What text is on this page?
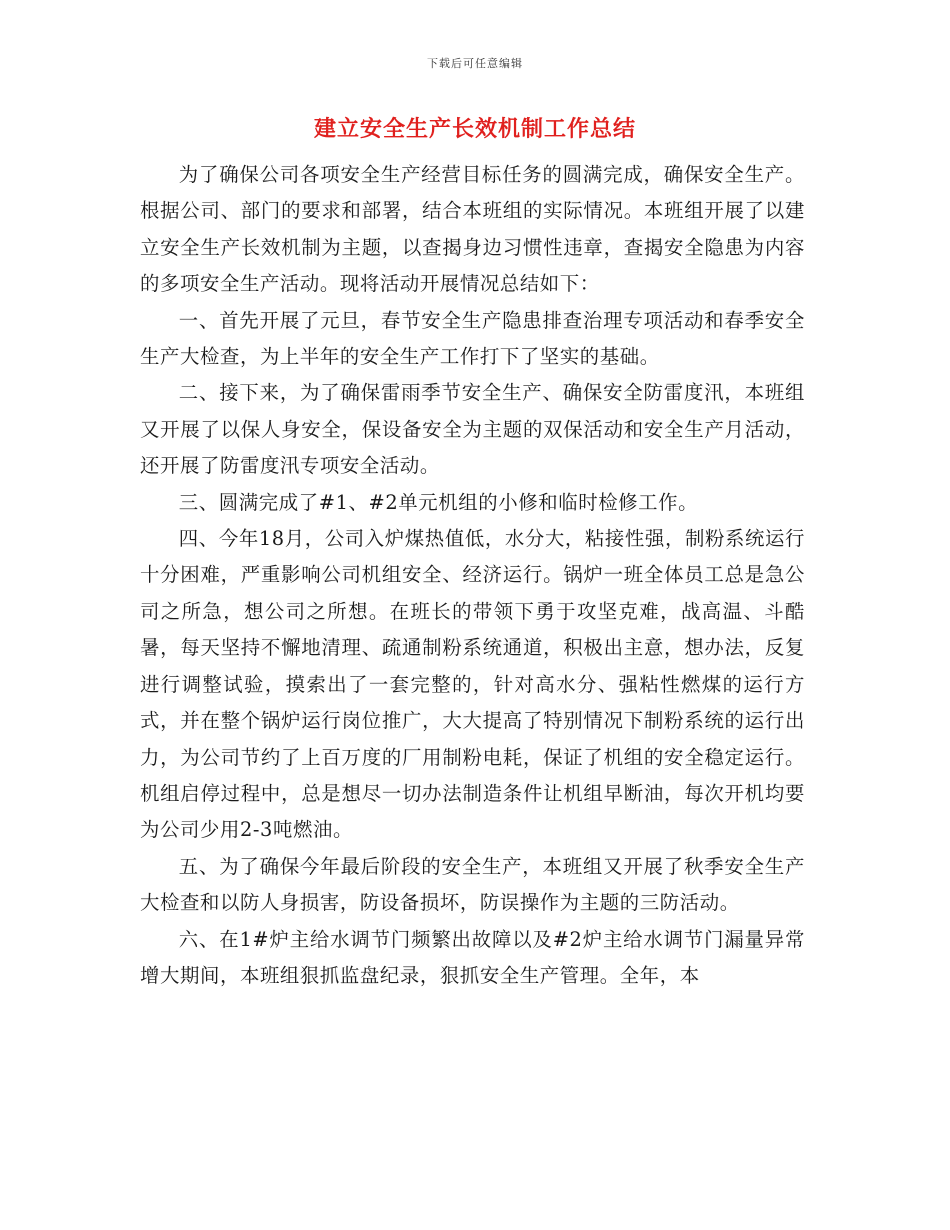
下载后可任意编辑
建立安全生产长效机制工作总结

为了确保公司各项安全生产经营目标任务的圆满完成，确保安全生产。根据公司、部门的要求和部署，结合本班组的实际情况。本班组开展了以建立安全生产长效机制为主题，以查揭身边习惯性违章，查揭安全隐患为内容的多项安全生产活动。现将活动开展情况总结如下：

一、首先开展了元旦，春节安全生产隐患排查治理专项活动和春季安全生产大检查，为上半年的安全生产工作打下了坚实的基础。

二、接下来，为了确保雷雨季节安全生产、确保安全防雷度汛，本班组又开展了以保人身安全，保设备安全为主题的双保活动和安全生产月活动，还开展了防雷度汛专项安全活动。

三、圆满完成了#1、#2单元机组的小修和临时检修工作。

四、今年18月，公司入炉煤热值低，水分大，粘接性强，制粉系统运行十分困难，严重影响公司机组安全、经济运行。锅炉一班全体员工总是急公司之所急，想公司之所想。在班长的带领下勇于攻坚克难，战高温、斗酷暑，每天坚持不懈地清理、疏通制粉系统通道，积极出主意，想办法，反复进行调整试验，摸索出了一套完整的，针对高水分、强粘性燃煤的运行方式，并在整个锅炉运行岗位推广，大大提高了特别情况下制粉系统的运行出力，为公司节约了上百万度的厂用制粉电耗，保证了机组的安全稳定运行。机组启停过程中，总是想尽一切办法制造条件让机组早断油，每次开机均要为公司少用2-3吨燃油。

五、为了确保今年最后阶段的安全生产，本班组又开展了秋季安全生产大检查和以防人身损害，防设备损坏，防误操作为主题的三防活动。

六、在1#炉主给水调节门频繁出故障以及#2炉主给水调节门漏量异常增大期间，本班组狠抓监盘纪录，狠抓安全生产管理。全年，本
